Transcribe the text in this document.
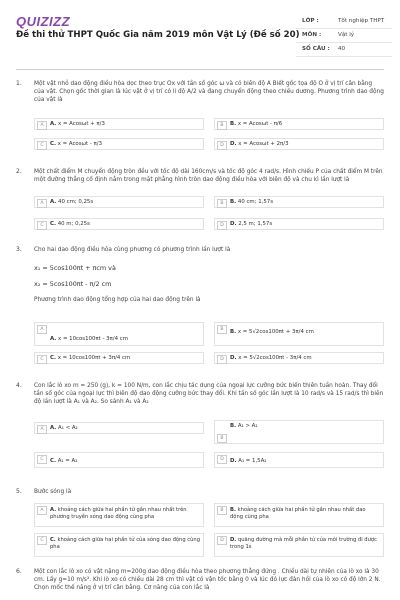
QUIZIZZ
Đề thi thử THPT Quốc Gia năm 2019 môn Vật Lý (Đề số 20)
LỚP :	Tốt nghiệp THPT
MÔN :	Vật lý
SỐ CÂU : 40
1. Một vật nhỏ dao động điều hòa dọc theo trục Ox với tần số góc ω và có biên độ A Biết gốc tọa độ O ở vị trí cân bằng của vật. Chọn gốc thời gian là lúc vật ở vị trí có li độ A/2 và đang chuyển động theo chiều dương. Phương trình dao động của vật là
A	A. x = Acosωt + π/3	B	B. x = Acosωt - π/6
C	C. x = Acosωt - π/3	D	D. x = Acosωt + 2π/3
2. Một chất điểm M chuyển động tròn đều với tốc độ dài 160cm/s và tốc độ góc 4 rad/s. Hình chiếu P của chất điểm M trên một đường thẳng cố định nằm trong mặt phẳng hình tròn dao động điều hòa với biên độ và chu kì lần lượt là
A	A. 40 cm; 0,25s	B	B. 40 cm; 1,57s
C	C. 40 m; 0,25s	D	D. 2,5 m; 1,57s
3. Cho hai dao động điều hòa cùng phương có phương trình lần lượt là
x₁ = 5cos100πt + πcm và
x₂ = 5cos100πt - π/2 cm
Phương trình dao động tổng hợp của hai dao động trên là
A
A. x = 10cos100πt - 3π/4 cm
B	B. x = 5√2cos100πt + 3π/4 cm
C	C. x = 10cos100πt + 3π/4 cm	D	D. x = 5√2cos100πt - 3π/4 cm
4. Con lắc lò xo m = 250 (g), k = 100 N/m, con lắc chịu tác dụng của ngoại lực cưỡng bức biến thiên tuần hoàn. Thay đổi tần số góc của ngoại lực thì biên độ dao động cưỡng bức thay đổi. Khi tần số góc lần lượt là 10 rad/s và 15 rad/s thì biên độ lần lượt là A₁ và A₂. So sánh A₁ và A₂
A	A. A₁ < A₂
B
B. A₁ > A₂
C	C. A₁ = A₂	D	D. A₁ = 1,5A₂
5. Bước sóng là
A	A. khoảng cách giữa hai phần tử gần nhau nhất trên phương truyền sóng dao động cùng pha
B	B. khoảng cách giữa hai phần tử gần nhau nhất dao động cùng pha
C	C. khoảng cách giữa hai phần tử của sóng dao động cùng pha
D	D. quãng đường mà mỗi phần tử của môi trường đi được trong 1s
6. Một con lắc lò xo có vật nặng m=200g dao động điều hòa theo phương thẳng đứng . Chiều dài tự nhiên của lò xo là 30 cm. Lấy g=10 m/s². Khi lò xo có chiều dài 28 cm thì vật có vận tốc bằng 0 và lúc đó lực đàn hồi của lò xo có độ lớn 2 N. Chọn mốc thế năng ở vị trí cân bằng. Cơ năng của con lắc là
